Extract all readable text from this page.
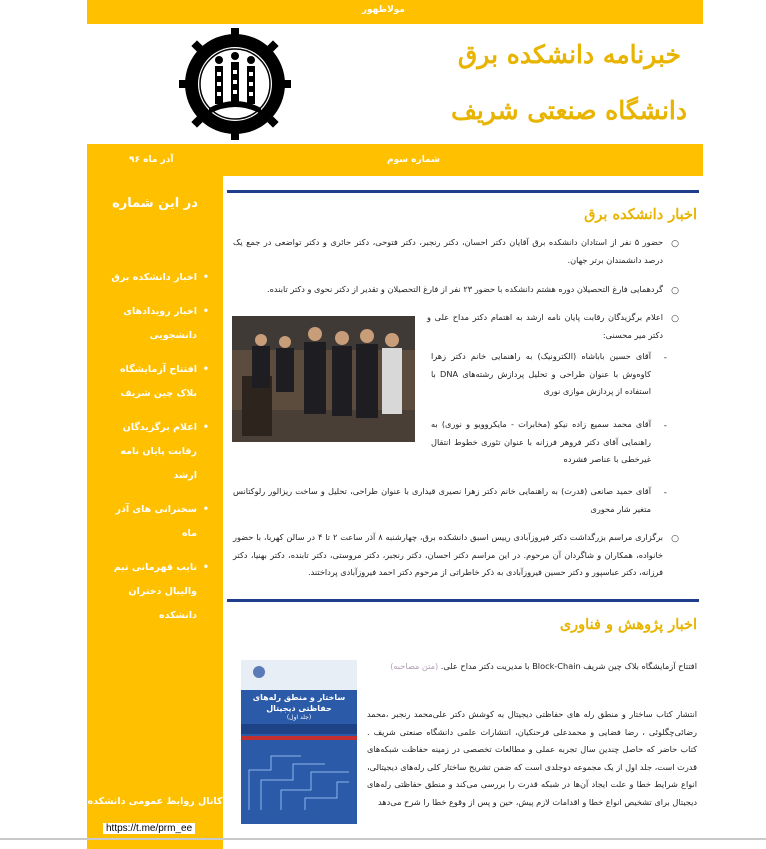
مولاظهور
خبرنامه دانشکده برق
دانشگاه صنعتی شریف
شماره سوم
آذر ماه ۹۶
در این شماره
• اخبار دانشکده برق
• اخبار رویدادهای دانشجویی
• افتتاح آزمایشگاه بلاک چین شریف
• اعلام برگزیدگان رقابت پایان نامه ارشد
• سخنرانی های آذر ماه
• نایب قهرمانی تیم والیبال دختران دانشکده
کانال روابط عمومی دانشکده
https://t.me/prm_ee
اخبار دانشکده برق
○
حضور ۵ نفر از استادان دانشکده برق آقایان دکتر احسان، دکتر رنجبر، دکتر فتوحی، دکتر حائری و دکتر تواضعی در جمع یک درصد دانشمندان برتر جهان.
○
گردهمایی فارغ التحصیلان دوره هشتم دانشکده با حضور ۲۳ نفر از فارغ التحصیلان و تقدیر از دکتر نحوی و دکتر تابنده.
○
اعلام برگزیدگان رقابت پایان نامه ارشد به اهتمام دکتر مداح علی و دکتر میر محسنی:
-
آقای حسین باباشاه (الکترونیک) به راهنمایی خانم دکتر زهرا کاوه‌وش با عنوان طراحی و تحلیل پردازش رشته‌های DNA با استفاده از پردازش موازی نوری
-
آقای محمد سمیع زاده نیکو (مخابرات - مایکروویو و نوری) به راهنمایی آقای دکتر فروهر فرزانه با عنوان تئوری خطوط انتقال غیرخطی با عناصر فشرده
-
آقای حمید صانعی (قدرت) به راهنمایی خانم دکتر زهرا نصیری قیداری با عنوان طراحی، تحلیل و ساخت ریزالور رلوکتانس متغیر شار محوری
○
برگزاری مراسم بزرگداشت دکتر فیروزآبادی رییس اسبق دانشکده برق، چهارشنبه ۸ آذر ساعت ۲ تا ۴ در سالن کهربا، با حضور خانواده، همکاران و شاگردان آن مرحوم. در این مراسم دکتر احسان، دکتر رنجبر، دکتر مروستی، دکتر تابنده، دکتر بهنیا، دکتر فرزانه، دکتر عباسپور و دکتر حسین فیروزآبادی به ذکر خاطراتی از مرحوم دکتر احمد فیروزآبادی پرداختند.
اخبار پژوهش و فناوری
افتتاح آزمایشگاه بلاک چین شریف Block-Chain با مدیریت دکتر مداح علی. (متن مصاحبه)
ساختار و منطق رله‌های حفاظتی دیجیتال
(جلد اول)	انتشار کتاب ساختار و منطق رله های حفاظتی دیجیتال به کوشش دکتر علی‌محمد رنجبر ،محمد رضائی‌چگلوئی ، رضا فضایی و محمدعلی فرحنکیان، انتشارات علمی دانشگاه صنعتی شریف . کتاب حاضر که حاصل چندین سال تجربه عملی و مطالعات تخصصی در زمینه حفاظت شبکه‌های قدرت است، جلد اول از یک مجموعه دوجلدی است که ضمن تشریح ساختار کلی رله‌های دیجیتالی، انواع شرایط خطا و علت ایجاد آن‌ها در شبکه قدرت را بررسی می‌کند و منطق حفاظتی رله‌های دیجیتال برای تشخیص انواع خطا و اقدامات لازم پیش، حین و پس از وقوع خطا را شرح می‌دهد
